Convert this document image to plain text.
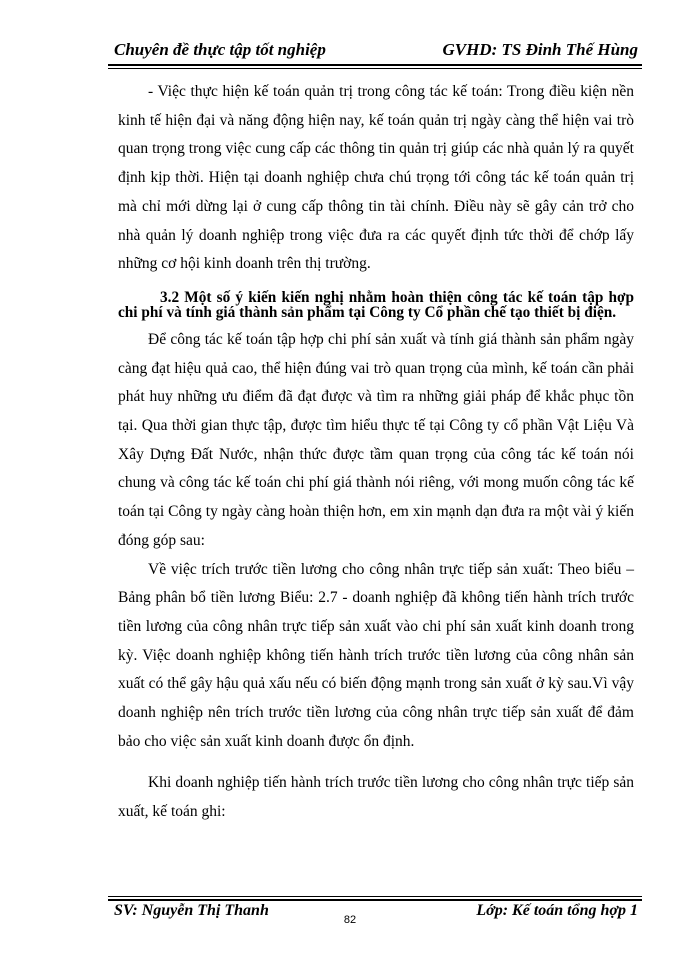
Chuyên đề thực tập tốt nghiệp	GVHD: TS Đinh Thế Hùng

- Việc thực hiện kế toán quản trị trong công tác kế toán: Trong điều kiện nền kinh tế hiện đại và năng động hiện nay, kế toán quản trị ngày càng thể hiện vai trò quan trọng trong việc cung cấp các thông tin quản trị giúp các nhà quản lý ra quyết định kịp thời. Hiện tại doanh nghiệp chưa chú trọng tới công tác kế toán quản trị mà chỉ mới dừng lại ở cung cấp thông tin tài chính. Điều này sẽ gây cản trở cho nhà quản lý doanh nghiệp trong việc đưa ra các quyết định tức thời để chớp lấy những cơ hội kinh doanh trên thị trường.

3.2 Một số ý kiến kiến nghị nhằm hoàn thiện công tác kế toán tập hợp chi phí và tính giá thành sản phẩm tại Công ty Cổ phần chế tạo thiết bị điện.

Để công tác kế toán tập hợp chi phí sản xuất và tính giá thành sản phẩm ngày càng đạt hiệu quả cao, thể hiện đúng vai trò quan trọng của mình, kế toán cần phải phát huy những ưu điểm đã đạt được và tìm ra những giải pháp để khắc phục tồn tại. Qua thời gian thực tập, được tìm hiểu thực tế tại Công ty cổ phần Vật Liệu Và Xây Dựng Đất Nước, nhận thức được tầm quan trọng của công tác kế toán nói chung và công tác kế toán chi phí giá thành nói riêng, với mong muốn công tác kế toán tại Công ty ngày càng hoàn thiện hơn, em xin mạnh dạn đưa ra một vài ý kiến đóng góp sau:

Về việc trích trước tiền lương cho công nhân trực tiếp sản xuất: Theo biểu – Bảng phân bổ tiền lương Biểu: 2.7 - doanh nghiệp đã không tiến hành trích trước tiền lương của công nhân trực tiếp sản xuất vào chi phí sản xuất kinh doanh trong kỳ. Việc doanh nghiệp không tiến hành trích trước tiền lương của công nhân sản xuất có thể gây hậu quả xấu nếu có biến động mạnh trong sản xuất ở kỳ sau.Vì vậy doanh nghiệp nên trích trước tiền lương của công nhân trực tiếp sản xuất để đảm bảo cho việc sản xuất kinh doanh được ổn định.

Khi doanh nghiệp tiến hành trích trước tiền lương cho công nhân trực tiếp sản xuất, kế toán ghi:

SV: Nguyễn Thị Thanh	Lớp: Kế toán tổng hợp 1
82
